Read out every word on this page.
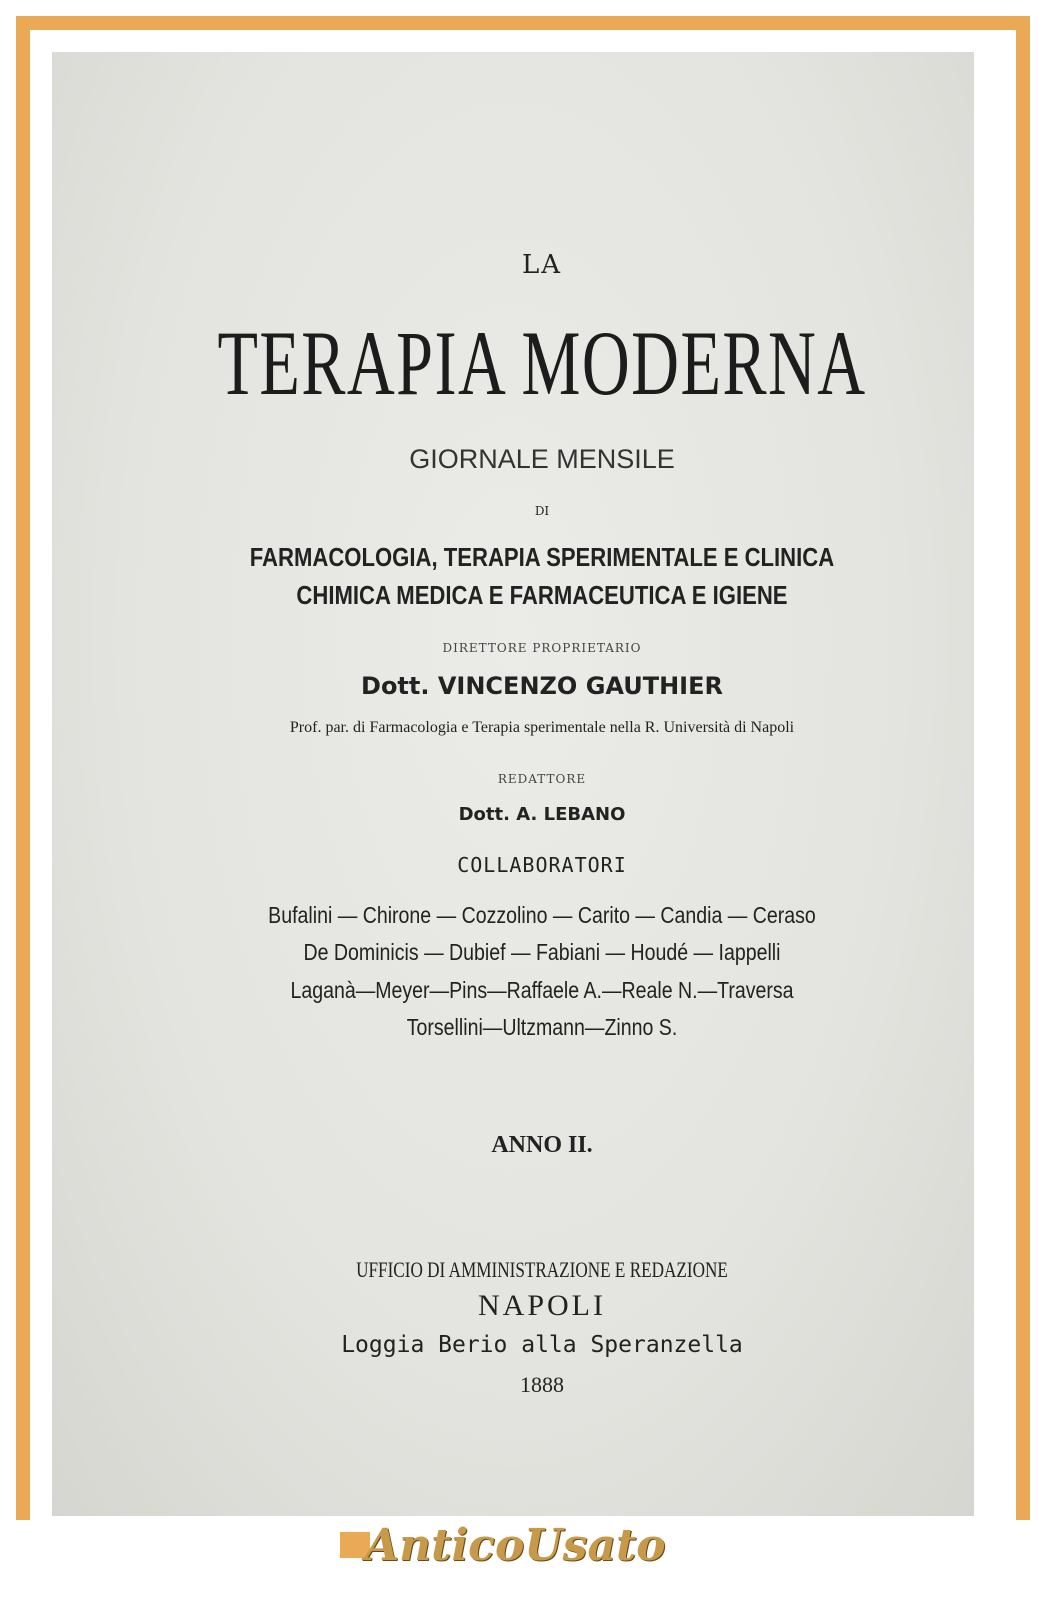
LA
TERAPIA MODERNA
GIORNALE MENSILE
DI
FARMACOLOGIA, TERAPIA SPERIMENTALE E CLINICA
CHIMICA MEDICA E FARMACEUTICA E IGIENE
DIRETTORE PROPRIETARIO
Dott. VINCENZO GAUTHIER
Prof. par. di Farmacologia e Terapia sperimentale nella R. Università di Napoli
REDATTORE
Dott. A. LEBANO
COLLABORATORI
Bufalini — Chirone — Cozzolino — Carito — Candia — Ceraso
De Dominicis — Dubief — Fabiani — Houdé — Iappelli
Laganà—Meyer—Pins—Raffaele A.—Reale N.—Traversa
Torsellini—Ultzmann—Zinno S.
ANNO II.
UFFICIO DI AMMINISTRAZIONE E REDAZIONE
NAPOLI
Loggia Berio alla Speranzella
1888
AnticoUsato
